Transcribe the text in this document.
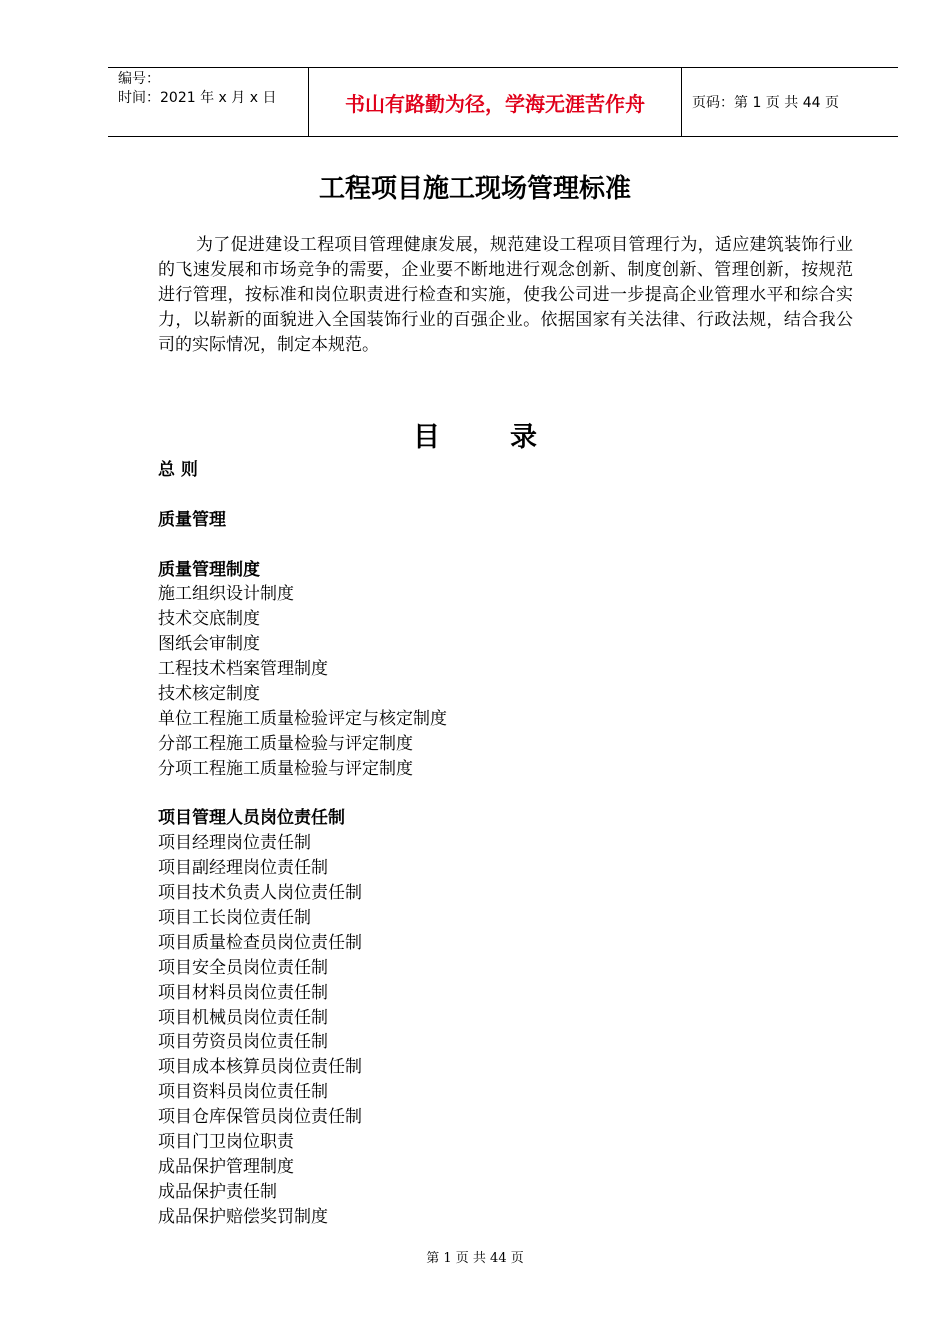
编号：
时间：2021 年 x 月 x 日	书山有路勤为径，学海无涯苦作舟	页码：第 1 页 共 44 页
工程项目施工现场管理标准

为了促进建设工程项目管理健康发展，规范建设工程项目管理行为，适应建筑装饰行业的飞速发展和市场竞争的需要，企业要不断地进行观念创新、制度创新、管理创新，按规范进行管理，按标准和岗位职责进行检查和实施，使我公司进一步提高企业管理水平和综合实力，以崭新的面貌进入全国装饰行业的百强企业。依据国家有关法律、行政法规，结合我公司的实际情况，制定本规范。

目录
总 则
质量管理
质量管理制度
施工组织设计制度
技术交底制度
图纸会审制度
工程技术档案管理制度
技术核定制度
单位工程施工质量检验评定与核定制度
分部工程施工质量检验与评定制度
分项工程施工质量检验与评定制度
项目管理人员岗位责任制
项目经理岗位责任制
项目副经理岗位责任制
项目技术负责人岗位责任制
项目工长岗位责任制
项目质量检查员岗位责任制
项目安全员岗位责任制
项目材料员岗位责任制
项目机械员岗位责任制
项目劳资员岗位责任制
项目成本核算员岗位责任制
项目资料员岗位责任制
项目仓库保管员岗位责任制
项目门卫岗位职责
成品保护管理制度
成品保护责任制
成品保护赔偿奖罚制度
第 1 页 共 44 页
